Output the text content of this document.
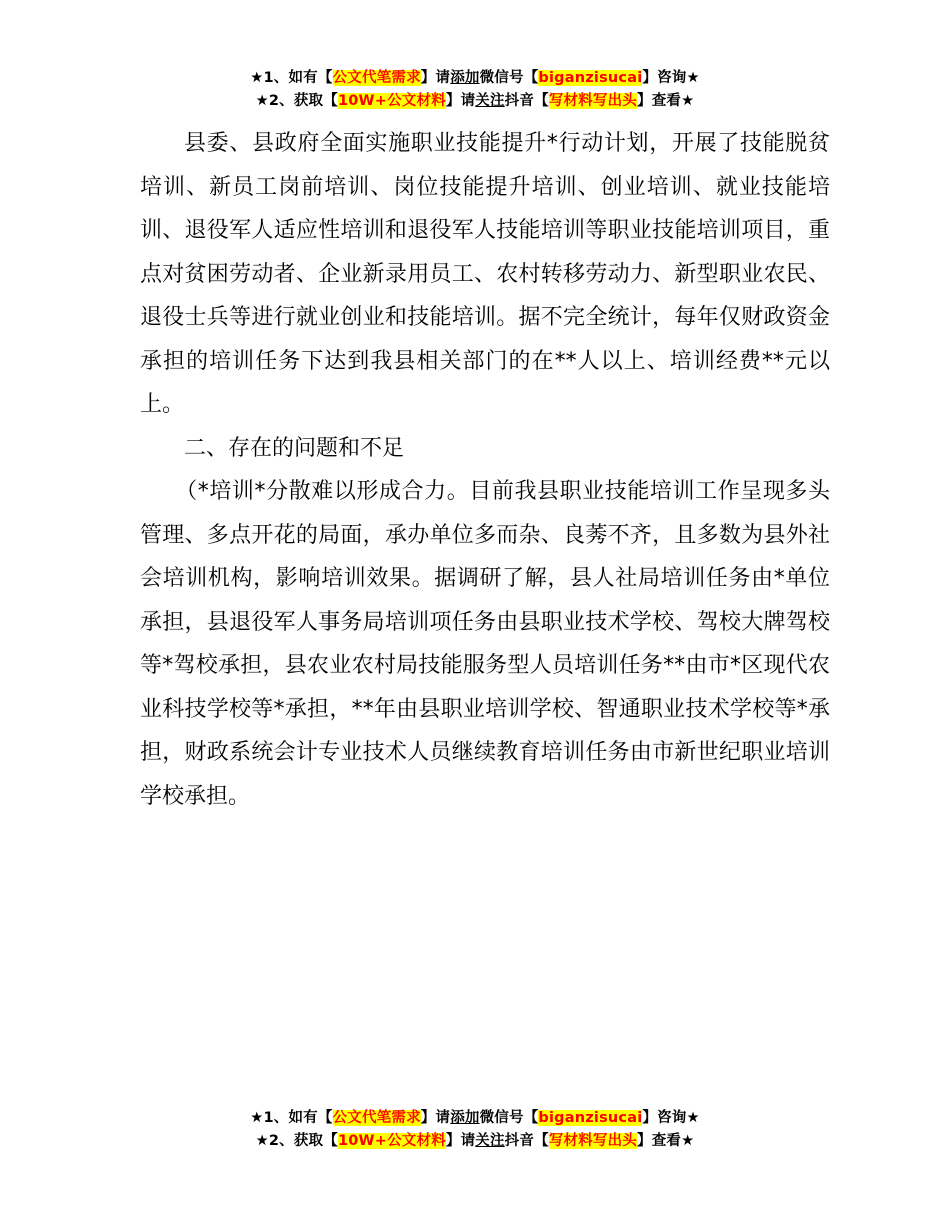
★1、如有【公文代笔需求】请添加微信号【biganzisucai】咨询★
★2、获取【10W+公文材料】请关注抖音【写材料写出头】查看★

县委、县政府全面实施职业技能提升*行动计划，开展了技能脱贫培训、新员工岗前培训、岗位技能提升培训、创业培训、就业技能培训、退役军人适应性培训和退役军人技能培训等职业技能培训项目，重点对贫困劳动者、企业新录用员工、农村转移劳动力、新型职业农民、退役士兵等进行就业创业和技能培训。据不完全统计，每年仅财政资金承担的培训任务下达到我县相关部门的在**人以上、培训经费**元以上。

二、存在的问题和不足

（*培训*分散难以形成合力。目前我县职业技能培训工作呈现多头管理、多点开花的局面，承办单位多而杂、良莠不齐，且多数为县外社会培训机构，影响培训效果。据调研了解，县人社局培训任务由*单位承担，县退役军人事务局培训项任务由县职业技术学校、驾校大牌驾校等*驾校承担，县农业农村局技能服务型人员培训任务**由市*区现代农业科技学校等*承担，**年由县职业培训学校、智通职业技术学校等*承担，财政系统会计专业技术人员继续教育培训任务由市新世纪职业培训学校承担。

★1、如有【公文代笔需求】请添加微信号【biganzisucai】咨询★
★2、获取【10W+公文材料】请关注抖音【写材料写出头】查看★
